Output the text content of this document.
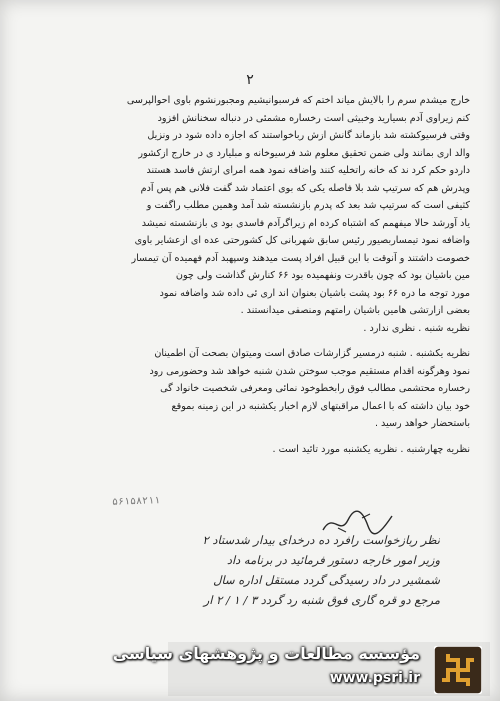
۲
خارج میشدم سرم را بالایش میاند اختم که فرسبوانیشیم ومجبورنشوم باوی احوالپرسی
کنم زیراوی آدم بسیارید وخبیثی است رخساره مشمئی در دنباله سخنانش افزود
وقتی فرسیوکشته شد بازماند گانش ازش رباخواستند که اجازه داده شود در ونزیل
والد اری بمانند ولی ضمن تحقیق معلوم شد فرسیوخانه و مبلیارد ی در خارج ازکشور
داردو حکم کرد ند که خانه راتخلیه کنند واضافه نمود همه امرای ارتش فاسد هستند
وپدرش هم که سرتیپ شد بلا فاصله یکی که بوی اعتماد شد گفت فلانی هم پس آدم
کثیفی است که سرتیپ شد بعد که پدرم بازنشسته شد آمد وهمین مطلب راگفت و
یاد آورشد حالا میفهمم که اشتباه کرده ام زیراگرآدم فاسدی بود ی بازنشسته نمیشد
واضافه نمود تیمساربصیور رئیس سابق شهربانی کل کشورحتی عده ای ازعشایر باوی
خصومت داشتند و آنوقت با این قبیل افراد پست میدهند وسپهبد آدم فهمیده آن تیمسار
مین باشیان بود که چون باقدرت ونفهمیده بود ۶۶ کنارش گذاشت ولی چون
مورد توجه ما دره ۶۶ بود پشت باشیان بعنوان اند اری ئی داده شد واضافه نمود
بعضی ازارتشی هامین باشیان رامتهم ومنصفی میدانستند .
نظریه شنبه . نظری ندارد .
نظریه یکشنبه . شنبه درمسیر گزارشات صادق است ومیتوان بصحت آن اطمینان
نمود وهرگونه اقدام مستقیم موجب سوختن شدن شنبه خواهد شد وحضورمی رود
رخساره محتشمی مطالب فوق رابخطوخود نمائی ومعرفی شخصیت خانواد گی
خود بیان داشته که با اعمال مراقبتهای لازم اخبار یکشنبه در این زمینه بموقع
باستحضار خواهد رسید .
نظریه چهارشنبه . نظریه یکشنبه مورد تائید است .
۵۶۱۵۸۲۱۱
نظر ربازخواست رافرد ده درخدای بیدار شدستاد ۲
وزیر امور خارجه دستور فرمائید در برنامه داد
شمشیر در داد رسیدگی گردد مستقل اداره سال
مرجع دو قره گاری فوق شنبه رد گردد ۳ / ۱ / ۲ ار
مؤسسه مطالعات و پژوهشهای سیاسی
www.psri.ir
